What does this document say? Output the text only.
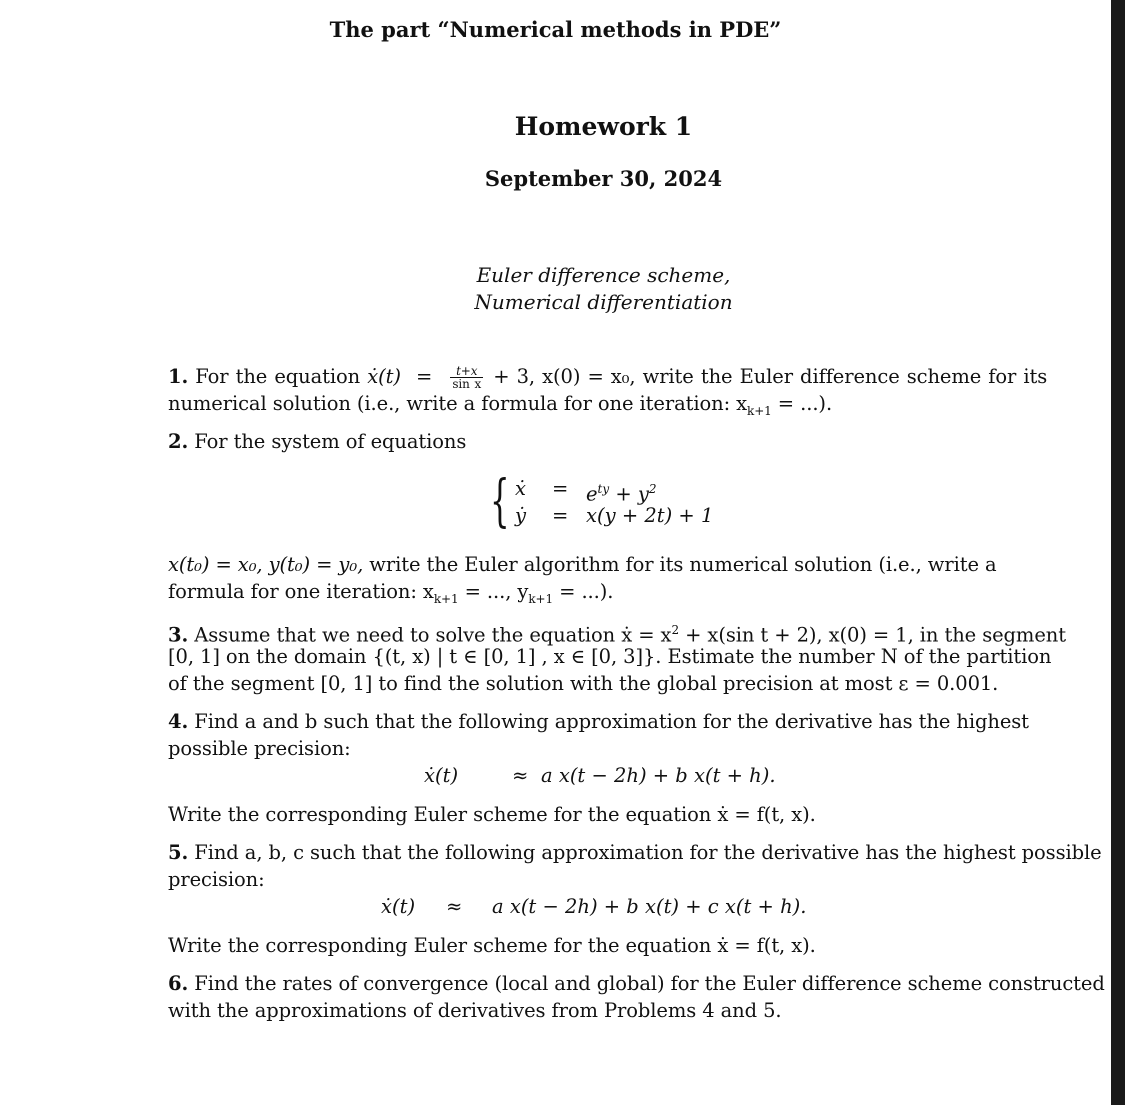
The part “Numerical methods in PDE”
Homework 1
September 30, 2024
Euler difference scheme,
Numerical differentiation
1. For the equation ẋ(t) = $\frac{t+x}{\text{sin x}} + 3$, x(0) = x₀, write the Euler difference scheme for its
numerical solution (i.e., write a formula for one iteration: $x_{k+1}$ = ...).
2. For the system of equations
{ ẋ = $e^{ty} + y^2$
ẏ = x(y + 2t) + 1
x(t₀) = x₀, y(t₀) = y₀, write the Euler algorithm for its numerical solution (i.e., write a
formula for one iteration: $x_{k+1}$ = ..., $y_{k+1}$ = ...).
3. Assume that we need to solve the equation ẋ = $x^2 + x(\sin$ t + 2), x(0) = 1, in the segment
[0, 1] on the domain {(t, x) | t ∈ [0, 1] , x ∈ [0, 3]}. Estimate the number N of the partition
of the segment [0, 1] to find the solution with the global precision at most ε = 0.001.
4. Find a and b such that the following approximation for the derivative has the highest
possible precision:
ẋ(t)	≈ a x(t − 2h) + b x(t + h).
Write the corresponding Euler scheme for the equation ẋ = f(t, x).
5. Find a, b, c such that the following approximation for the derivative has the highest possible
precision:
ẋ(t) ≈ a x(t − 2h) + b x(t) + c x(t + h).
Write the corresponding Euler scheme for the equation ẋ = f(t, x).
6. Find the rates of convergence (local and global) for the Euler difference scheme constructed
with the approximations of derivatives from Problems 4 and 5.
